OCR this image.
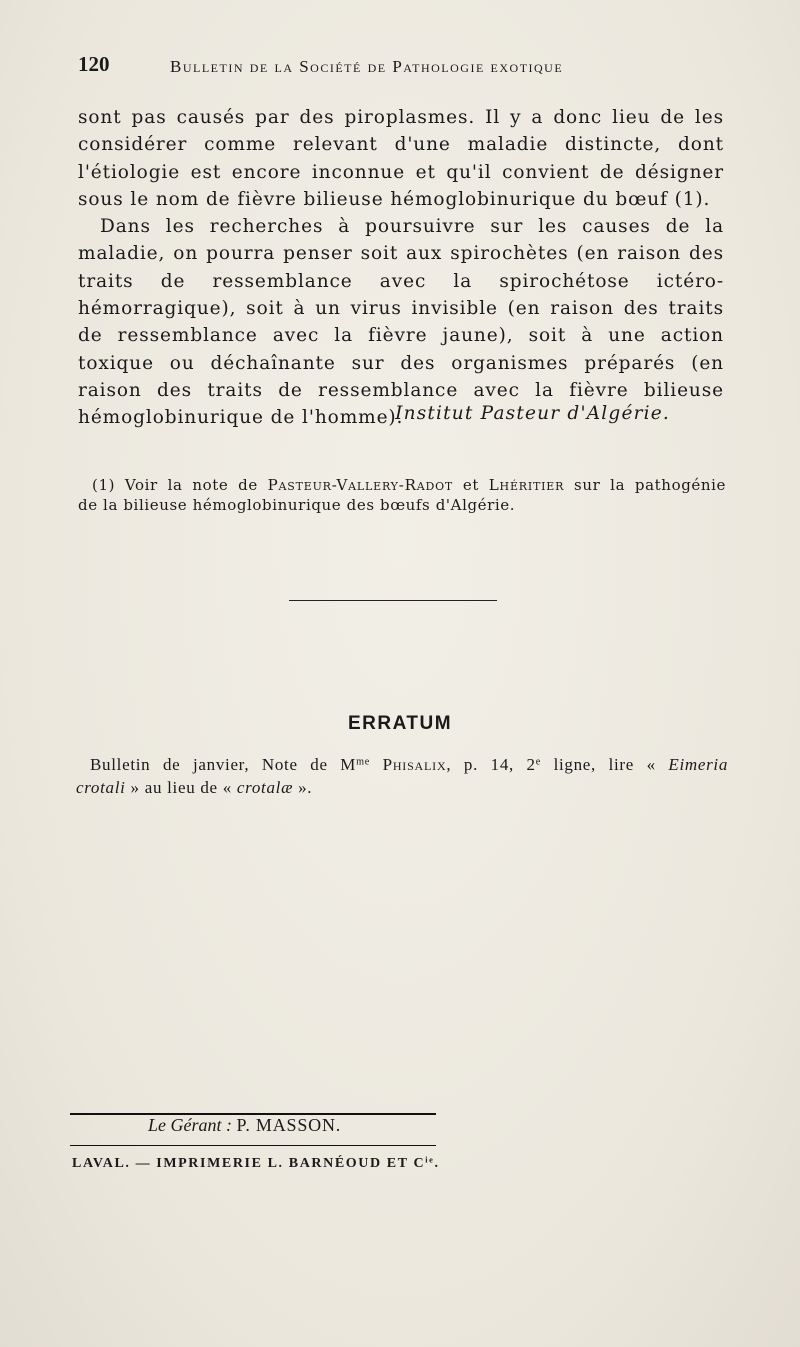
120	Bulletin de la Société de Pathologie exotique

sont pas causés par des piroplasmes. Il y a donc lieu de les considérer comme relevant d'une maladie distincte, dont l'étiologie est encore inconnue et qu'il convient de désigner sous le nom de fièvre bilieuse hémoglobinurique du bœuf (1).

Dans les recherches à poursuivre sur les causes de la maladie, on pourra penser soit aux spirochètes (en raison des traits de ressemblance avec la spirochétose ictéro-hémorragique), soit à un virus invisible (en raison des traits de ressemblance avec la fièvre jaune), soit à une action toxique ou déchaînante sur des organismes préparés (en raison des traits de ressemblance avec la fièvre bilieuse hémoglobinurique de l'homme).

Institut Pasteur d'Algérie.
(1) Voir la note de Pasteur-Vallery-Radot et Lhéritier sur la pathogénie
de la bilieuse hémoglobinurique des bœufs d'Algérie.
ERRATUM
Bulletin de janvier, Note de $M^{me}$ Phisalix, p. 14, 2e ligne, lire « Eimeria
crotali » au lieu de « crotalæ ».
Le Gérant : P. MASSON.
LAVAL. — IMPRIMERIE L. BARNÉOUD ET $C^{ie}$.
